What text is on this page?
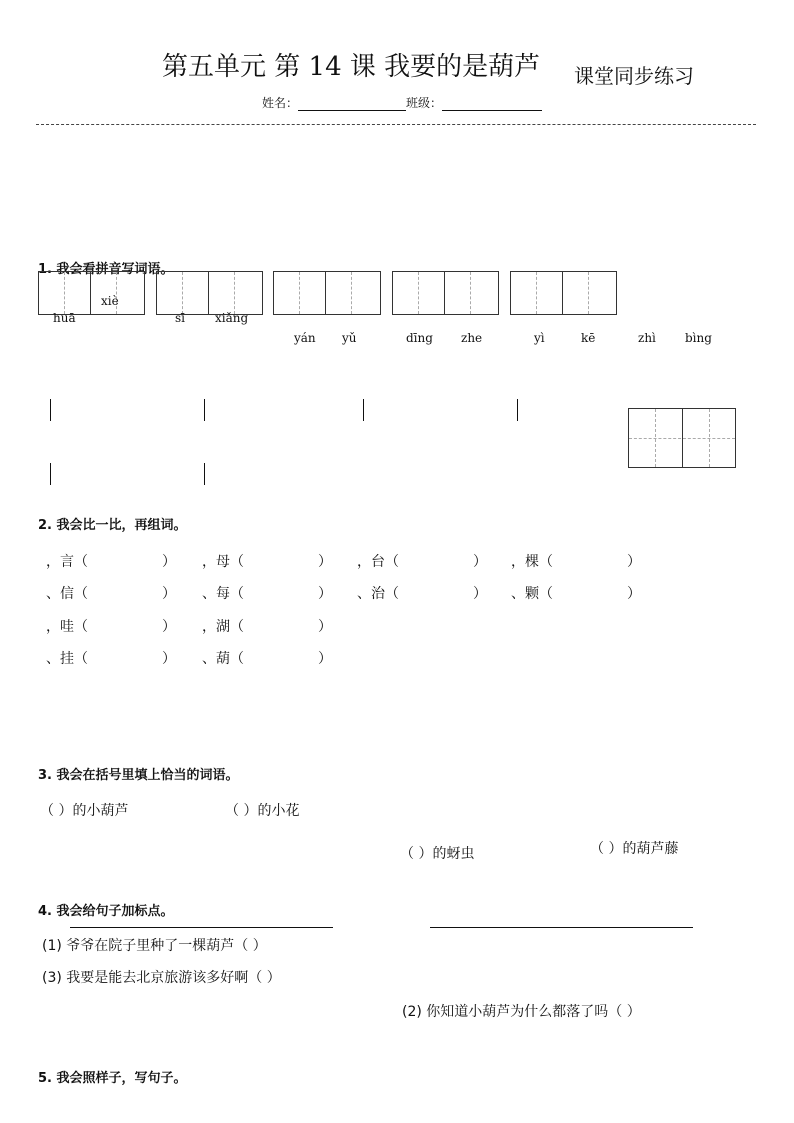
第五单元 第 14 课 我要的是葫芦 课堂同步练习
姓名：	班级：
1. 我会看拼音写词语。
xiè
huā	sī	xiǎng
yán yǔ	dīng zhe	yì	kē	zhì bìng
2. 我会比一比，再组词。
，言（	） ，母（	） ，台（	） ，棵（	）
、信（	） 、每（	） 、治（	） 、颗（	）
，哇（	） ，湖（	）
、挂（	） 、葫（	）
3. 我会在括号里填上恰当的词语。
（ ）的小葫芦	（ ）的小花
（ ）的蚜虫	（ ）的葫芦藤
4. 我会给句子加标点。
(1) 爷爷在院子里种了一棵葫芦（ ）
(3) 我要是能去北京旅游该多好啊（ ）
(2) 你知道小葫芦为什么都落了吗（ ）
5. 我会照样子，写句子。
